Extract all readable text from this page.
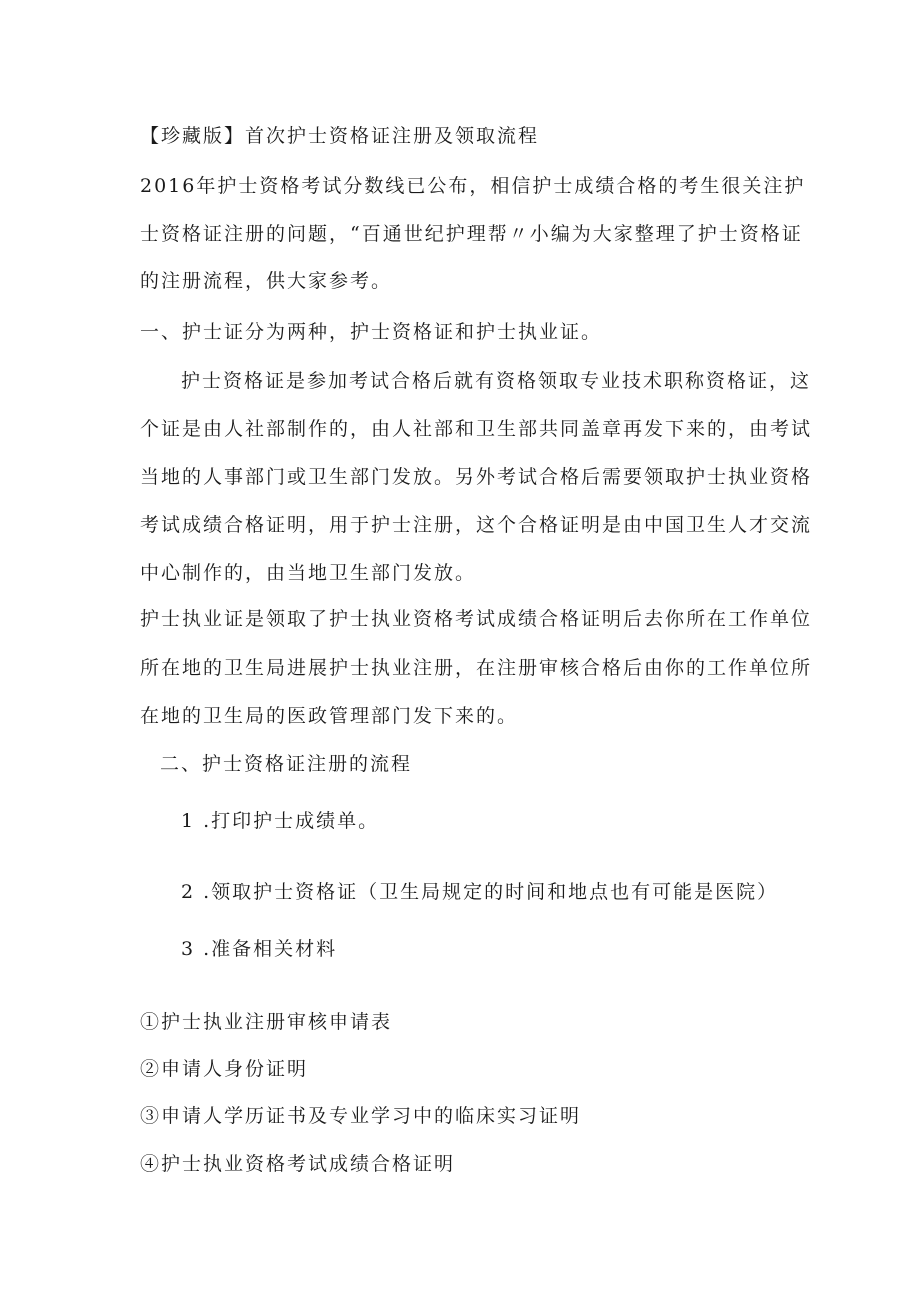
【珍藏版】首次护士资格证注册及领取流程
2016年护士资格考试分数线已公布，相信护士成绩合格的考生很关注护
士资格证注册的问题，“百通世纪护理帮〃小编为大家整理了护士资格证
的注册流程，供大家参考。
一、护士证分为两种，护士资格证和护士执业证。
护士资格证是参加考试合格后就有资格领取专业技术职称资格证，这
个证是由人社部制作的，由人社部和卫生部共同盖章再发下来的，由考试
当地的人事部门或卫生部门发放。另外考试合格后需要领取护士执业资格
考试成绩合格证明，用于护士注册，这个合格证明是由中国卫生人才交流
中心制作的，由当地卫生部门发放。
护士执业证是领取了护士执业资格考试成绩合格证明后去你所在工作单位
所在地的卫生局进展护士执业注册，在注册审核合格后由你的工作单位所
在地的卫生局的医政管理部门发下来的。
二、护士资格证注册的流程
1 .打印护士成绩单。
2 .领取护士资格证（卫生局规定的时间和地点也有可能是医院）
3 .准备相关材料
①护士执业注册审核申请表
②申请人身份证明
③申请人学历证书及专业学习中的临床实习证明
④护士执业资格考试成绩合格证明
